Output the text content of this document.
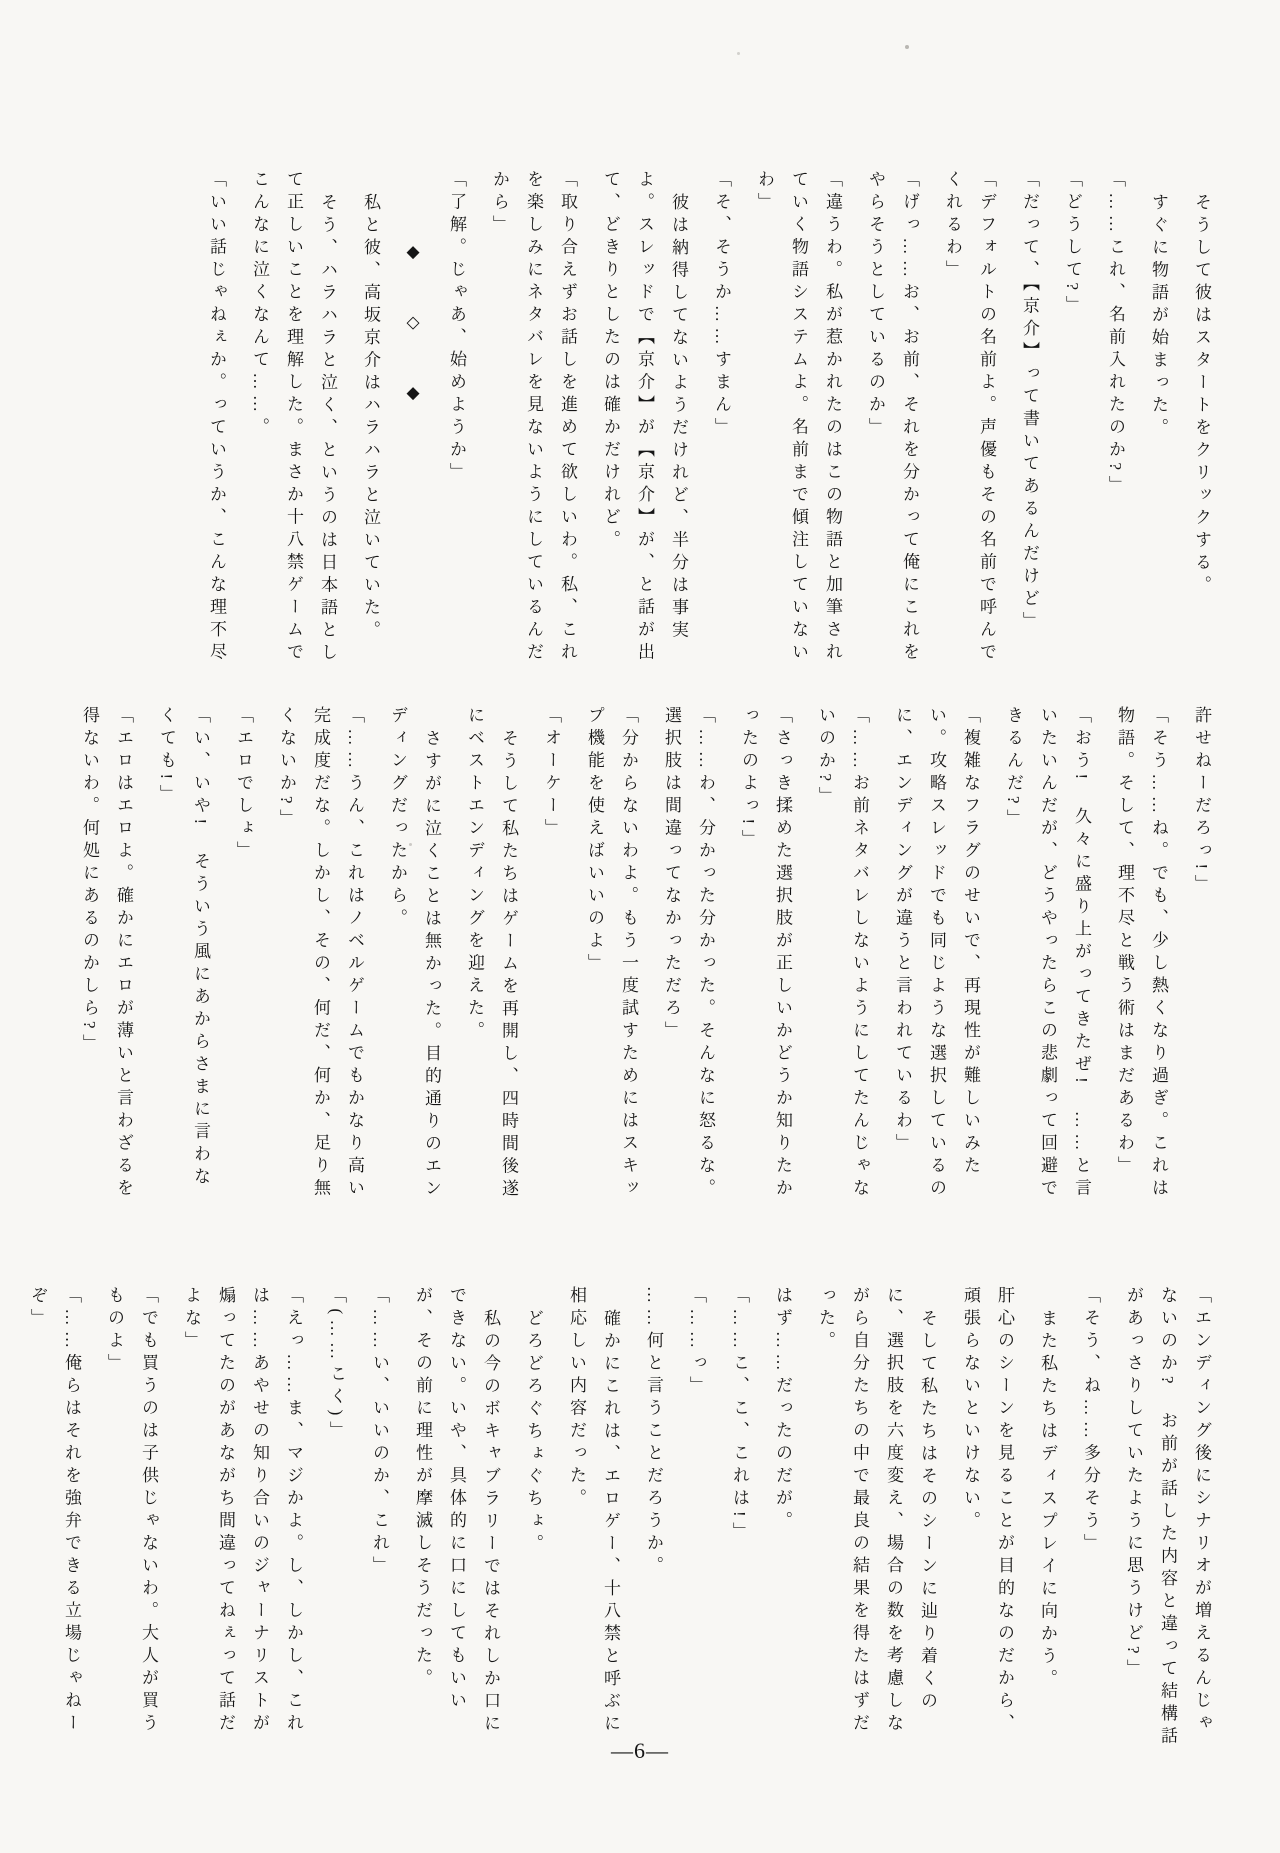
そうして彼はスタートをクリックする。

すぐに物語が始まった。

「……これ、名前入れたのか?」

「どうして?」

「だって、【京介】って書いてあるんだけど」

「デフォルトの名前よ。声優もその名前で呼んでくれるわ」

「げっ……お、お前、それを分かって俺にこれをやらそうとしているのか」

「違うわ。私が惹かれたのはこの物語と加筆されていく物語システムよ。名前まで傾注していないわ」

「そ、そうか……すまん」

彼は納得してないようだけれど、半分は事実よ。スレッドで【京介】が【京介】が、と話が出て、どきりとしたのは確かだけれど。

「取り合えずお話しを進めて欲しいわ。私、これを楽しみにネタバレを見ないようにしているんだから」

「了解。じゃあ、始めようか」

◆　　◇　　◆

私と彼、高坂京介はハラハラと泣いていた。

そう、ハラハラと泣く、というのは日本語として正しいことを理解した。まさか十八禁ゲームでこんなに泣くなんて……。

「いい話じゃねぇか。っていうか、こんな理不尽

許せねーだろっ!」

「そう……ね。でも、少し熱くなり過ぎ。これは物語。そして、理不尽と戦う術はまだあるわ」

「おう!　久々に盛り上がってきたぜ!　……と言いたいんだが、どうやったらこの悲劇って回避できるんだ?」

「複雑なフラグのせいで、再現性が難しいみたい。攻略スレッドでも同じような選択しているのに、エンディングが違うと言われているわ」

「……お前ネタバレしないようにしてたんじゃないのか?」

「さっき揉めた選択肢が正しいかどうか知りたかったのよっ!」

「……わ、分かった分かった。そんなに怒るな。選択肢は間違ってなかっただろ」

「分からないわよ。もう一度試すためにはスキップ機能を使えばいいのよ」

「オーケー」

そうして私たちはゲームを再開し、四時間後遂にベストエンディングを迎えた。

さすがに泣くことは無かった。目的通りのエンディングだったから。

「……うん、これはノベルゲームでもかなり高い完成度だな。しかし、その、何だ、何か、足り無くないか?」

「エロでしょ」

「い、いや!　そういう風にあからさまに言わなくても!」

「エロはエロよ。確かにエロが薄いと言わざるを得ないわ。何処にあるのかしら?」

「エンディング後にシナリオが増えるんじゃないのか?　お前が話した内容と違って結構話があっさりしていたように思うけど?」

「そう、ね……多分そう」

また私たちはディスプレイに向かう。

肝心のシーンを見ることが目的なのだから、頑張らないといけない。

そして私たちはそのシーンに辿り着くのに、選択肢を六度変え、場合の数を考慮しながら自分たちの中で最良の結果を得たはずだった。

はず……だったのだが。

「……こ、こ、これは!」

「……っ」

……何と言うことだろうか。

確かにこれは、エロゲー、十八禁と呼ぶに相応しい内容だった。

どろどろぐちょぐちょ。

私の今のボキャブラリーではそれしか口にできない。いや、具体的に口にしてもいいが、その前に理性が摩滅しそうだった。

「……い、いいのか、これ」

「(……こく)」

「えっ……ま、マジかよ。し、しかし、これは……あやせの知り合いのジャーナリストが煽ってたのがあながち間違ってねぇって話だよな」

「でも買うのは子供じゃないわ。大人が買うものよ」

「……俺らはそれを強弁できる立場じゃねーぞ」

―6―
